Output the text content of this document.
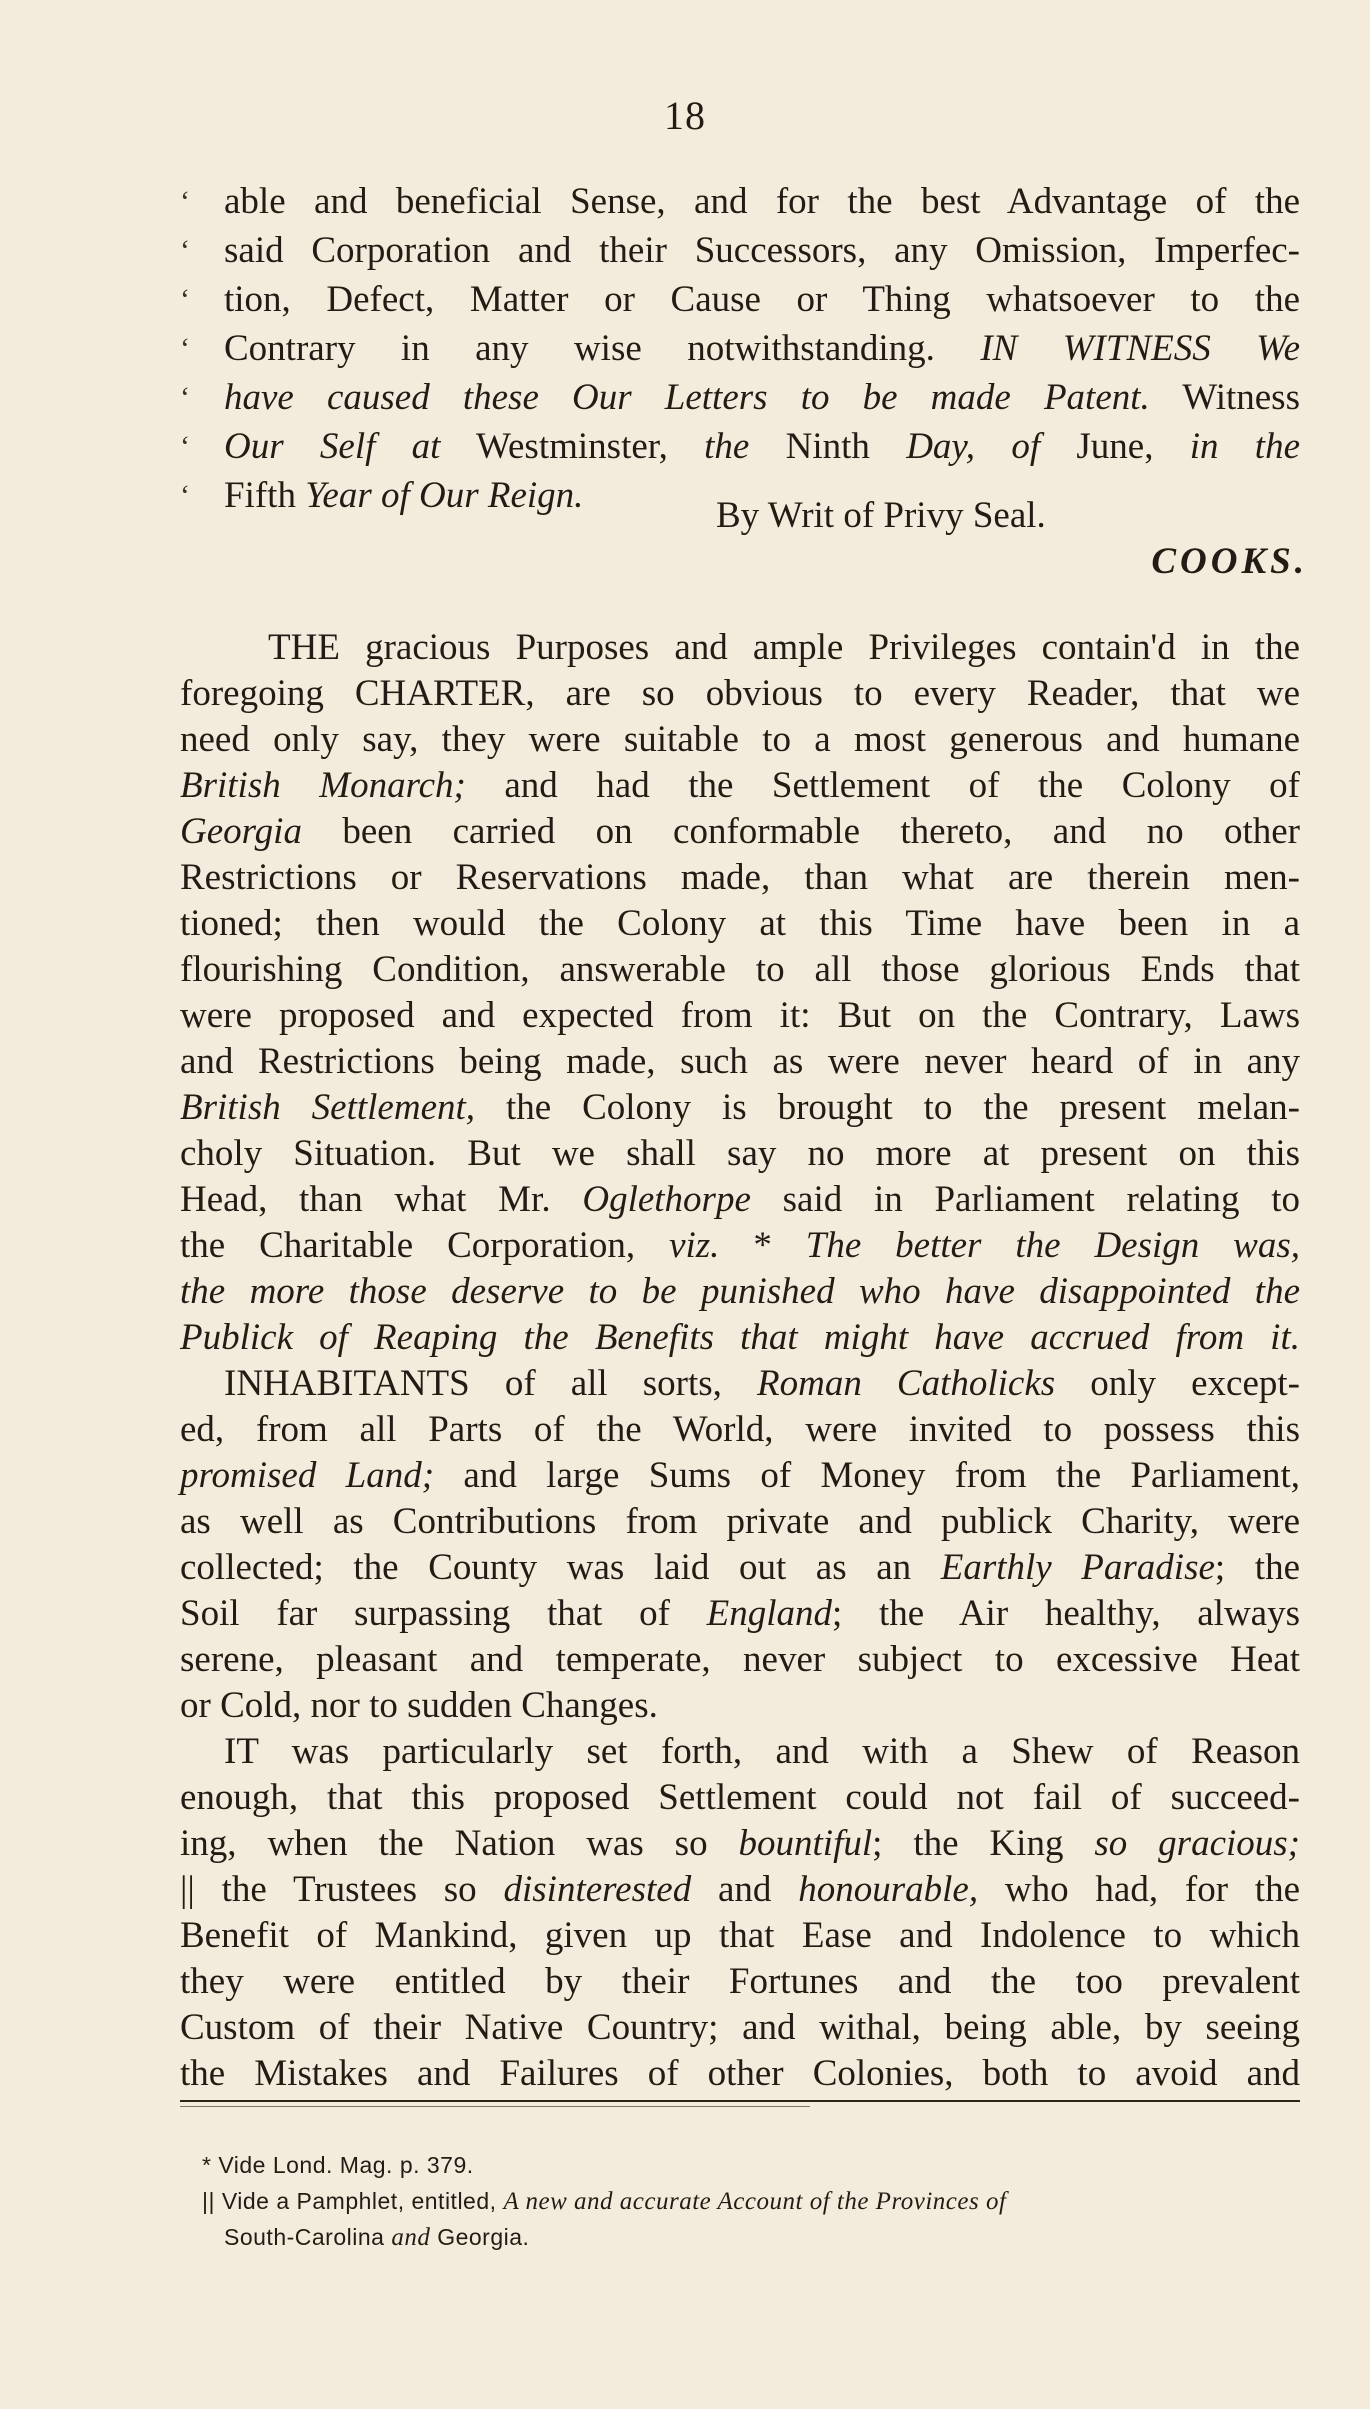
18
‘ able and beneficial Sense, and for the best Advantage of the
‘ said Corporation and their Successors, any Omission, Imperfec-
‘ tion, Defect, Matter or Cause or Thing whatsoever to the
‘ Contrary in any wise notwithstanding. IN WITNESS We
‘ have caused these Our Letters to be made Patent. Witness
‘ Our Self at Westminster, the Ninth Day, of June, in the
‘ Fifth Year of Our Reign.	By Writ of Privy Seal.
COOKS.
THE gracious Purposes and ample Privileges contain'd in the
foregoing CHARTER, are so obvious to every Reader, that we
need only say, they were suitable to a most generous and humane
British Monarch; and had the Settlement of the Colony of
Georgia been carried on conformable thereto, and no other
Restrictions or Reservations made, than what are therein men-
tioned; then would the Colony at this Time have been in a
flourishing Condition, answerable to all those glorious Ends that
were proposed and expected from it: But on the Contrary, Laws
and Restrictions being made, such as were never heard of in any
British Settlement, the Colony is brought to the present melan-
choly Situation. But we shall say no more at present on this
Head, than what Mr. Oglethorpe said in Parliament relating to
the Charitable Corporation, viz. * The better the Design was,
the more those deserve to be punished who have disappointed the
Publick of Reaping the Benefits that might have accrued from it.
INHABITANTS of all sorts, Roman Catholicks only except-
ed, from all Parts of the World, were invited to possess this
promised Land; and large Sums of Money from the Parliament,
as well as Contributions from private and publick Charity, were
collected; the County was laid out as an Earthly Paradise; the
Soil far surpassing that of England; the Air healthy, always
serene, pleasant and temperate, never subject to excessive Heat
or Cold, nor to sudden Changes.
IT was particularly set forth, and with a Shew of Reason
enough, that this proposed Settlement could not fail of succeed-
ing, when the Nation was so bountiful; the King so gracious;
|| the Trustees so disinterested and honourable, who had, for the
Benefit of Mankind, given up that Ease and Indolence to which
they were entitled by their Fortunes and the too prevalent
Custom of their Native Country; and withal, being able, by seeing
the Mistakes and Failures of other Colonies, both to avoid and
* Vide Lond. Mag. p. 379.
|| Vide a Pamphlet, entitled, A new and accurate Account of the Provinces of
South-Carolina and Georgia.
